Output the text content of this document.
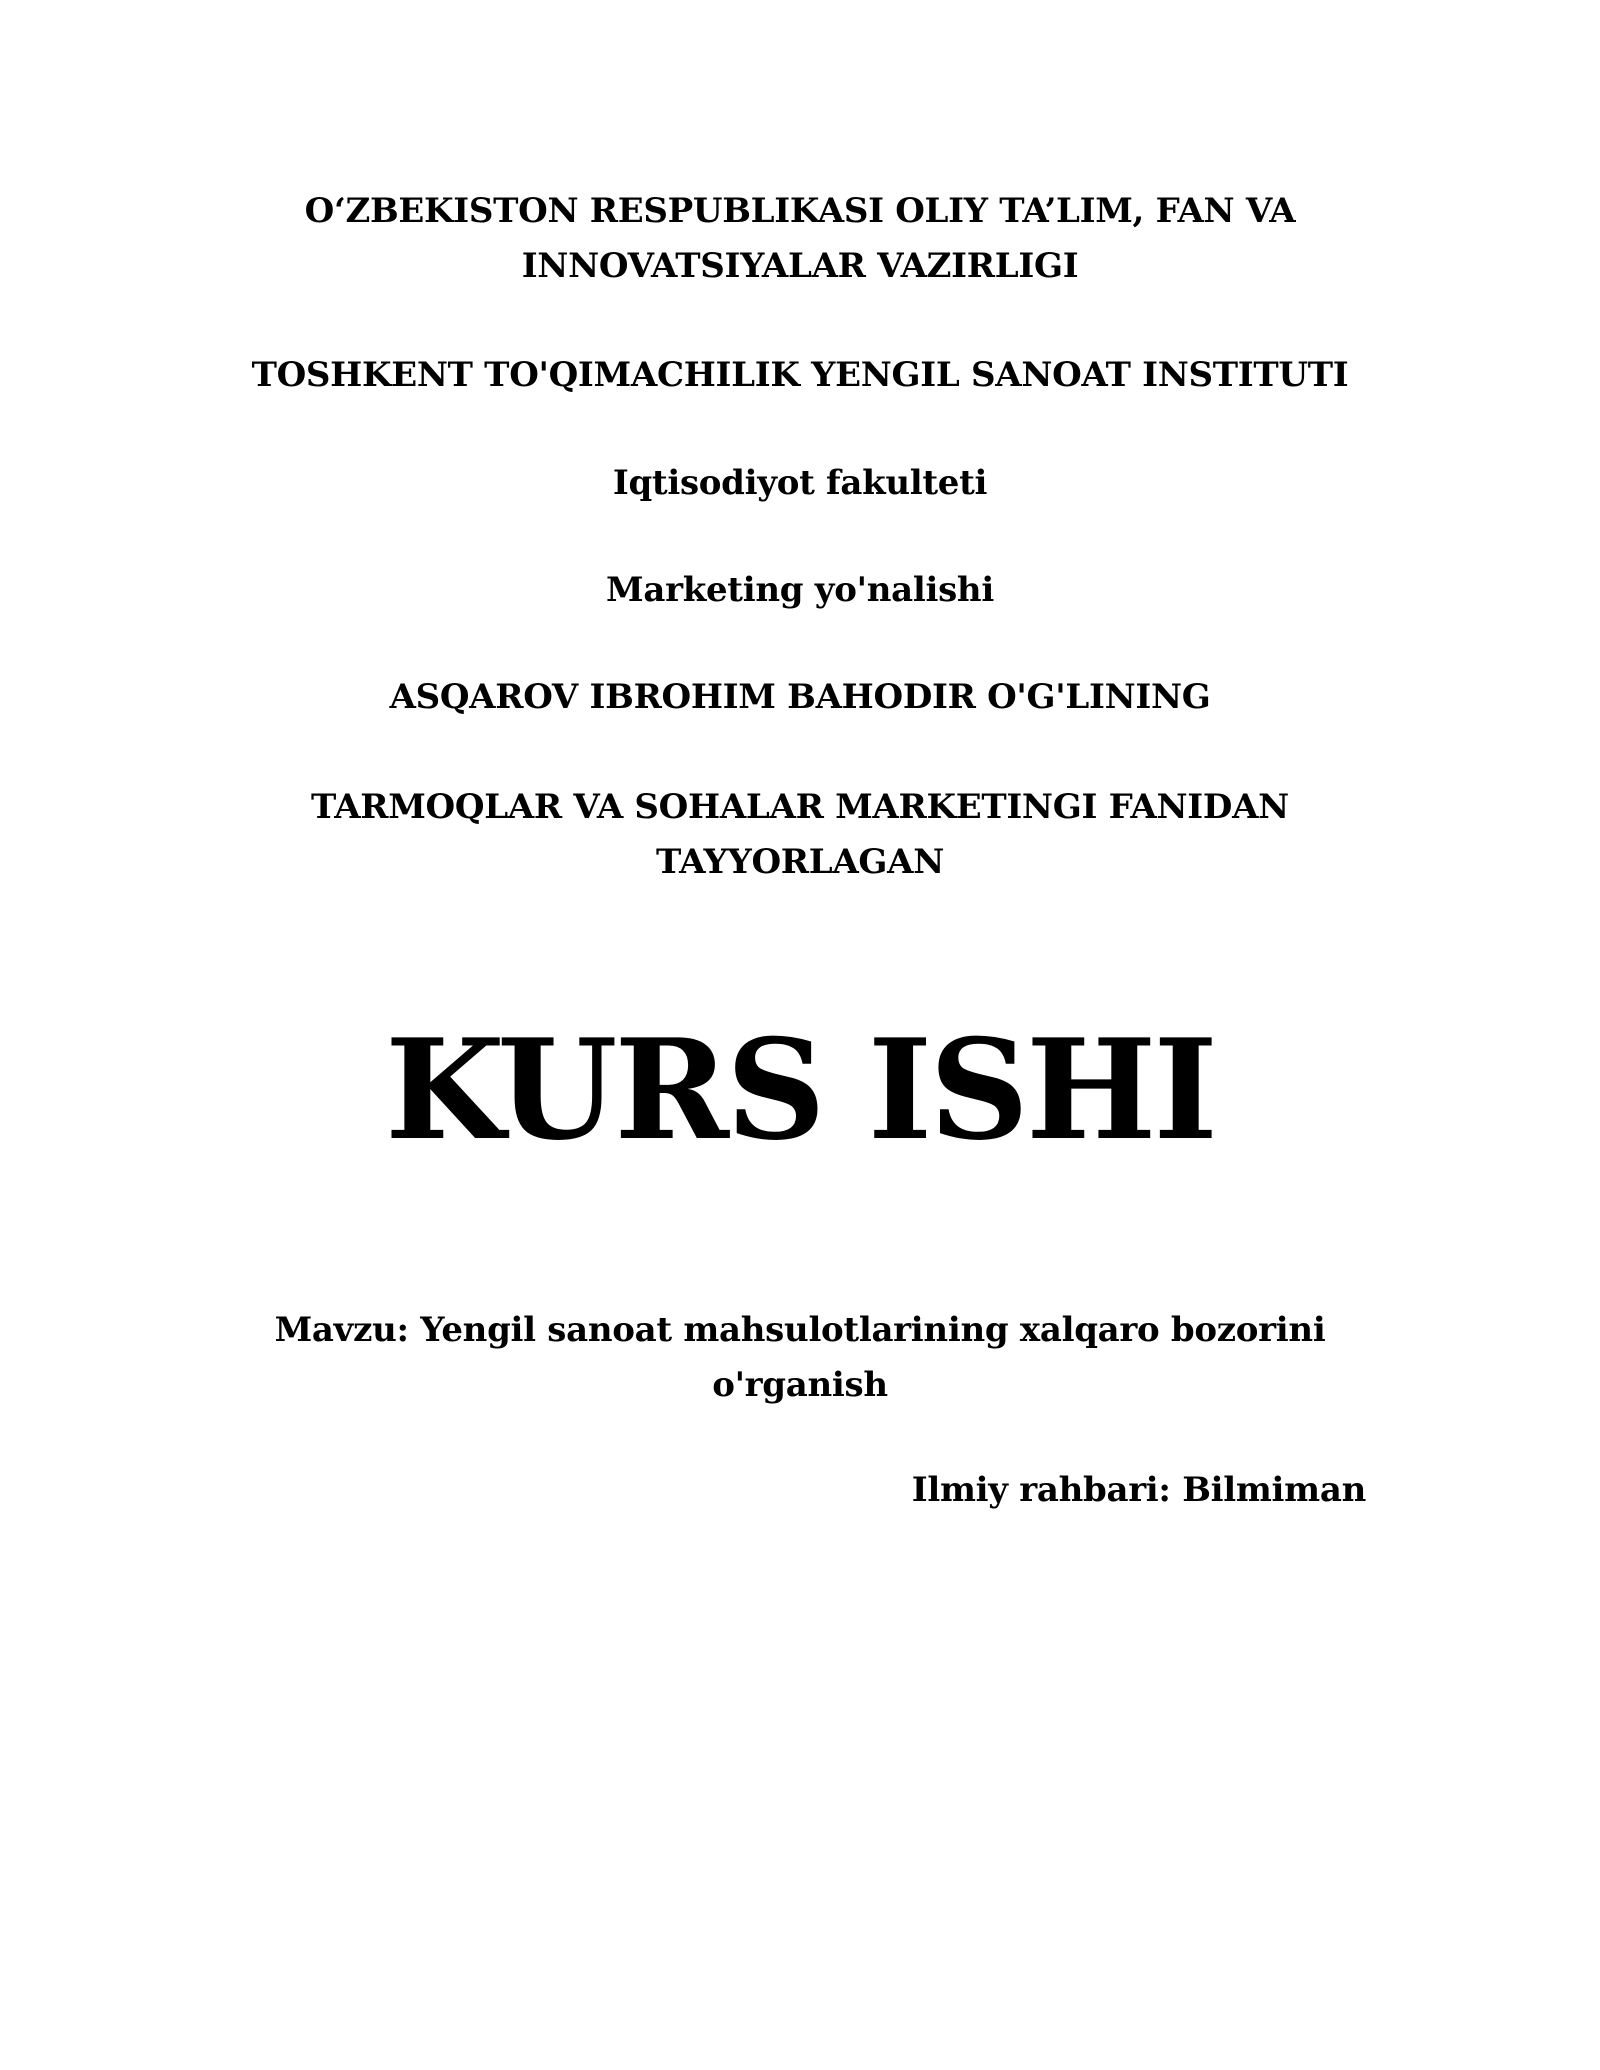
O‘ZBEKISTON RESPUBLIKASI OLIY TA’LIM, FAN VA
INNOVATSIYALAR VAZIRLIGI
TOSHKENT TO'QIMACHILIK YENGIL SANOAT INSTITUTI
Iqtisodiyot fakulteti
Marketing yo'nalishi
ASQAROV IBROHIM BAHODIR O'G'LINING
TARMOQLAR VA SOHALAR MARKETINGI FANIDAN
TAYYORLAGAN
KURS ISHI
Mavzu: Yengil sanoat mahsulotlarining xalqaro bozorini
o'rganish
Ilmiy rahbari: Bilmiman
